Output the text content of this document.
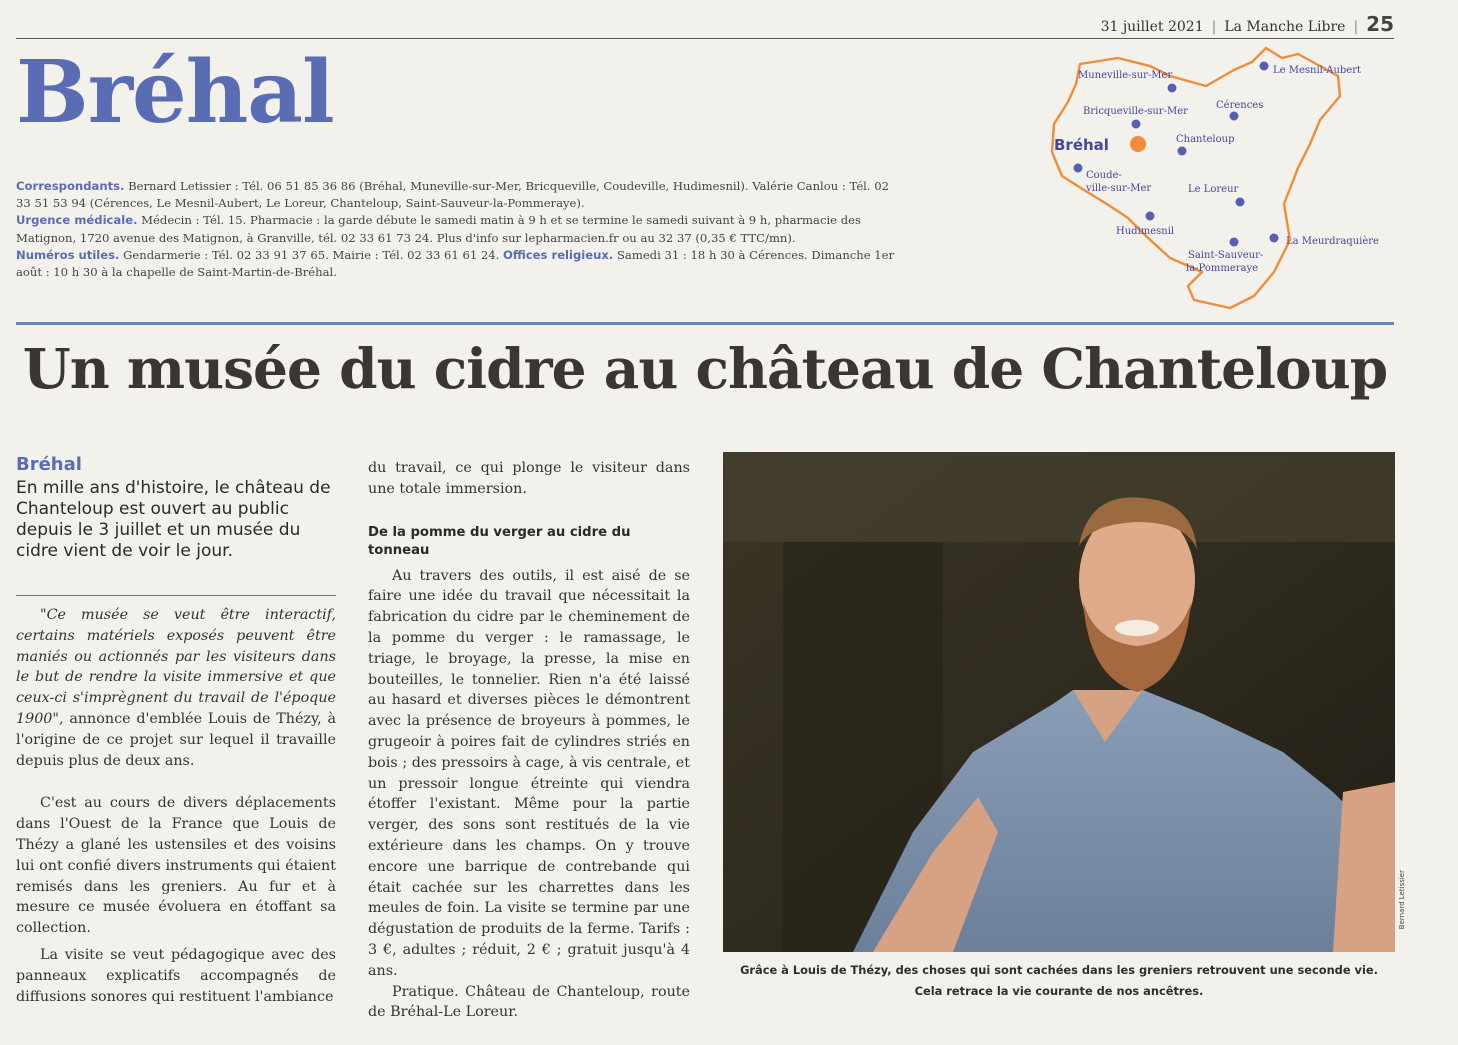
31 juillet 2021 | La Manche Libre | 25
Bréhal
Correspondants. Bernard Letissier : Tél. 06 51 85 36 86 (Bréhal, Muneville-sur-Mer, Bricqueville, Coudeville, Hudimesnil). Valérie Canlou : Tél. 02 33 51 53 94 (Cérences, Le Mesnil-Aubert, Le Loreur, Chanteloup, Saint-Sauveur-la-Pommeraye).
Urgence médicale. Médecin : Tél. 15. Pharmacie : la garde débute le samedi matin à 9 h et se termine le samedi suivant à 9 h, pharmacie des Matignon, 1720 avenue des Matignon, à Granville, tél. 02 33 61 73 24. Plus d'info sur lepharmacien.fr ou au 32 37 (0,35 € TTC/mn).
Numéros utiles. Gendarmerie : Tél. 02 33 91 37 65. Mairie : Tél. 02 33 61 61 24. Offices religieux. Samedi 31 : 18 h 30 à Cérences. Dimanche 1er août : 10 h 30 à la chapelle de Saint-Martin-de-Bréhal.
Muneville-sur-Mer	Le Mesnil-Aubert
Bricqueville-sur-Mer
Cérences
Bréhal	Chanteloup
Coude-
ville-sur-Mer	Le Loreur
Hudimesnil
La Meurdraquière
Saint-Sauveur-
la-Pommeraye
Un musée du cidre au château de Chanteloup
Bréhal
En mille ans d'histoire, le château de Chanteloup est ouvert au public depuis le 3 juillet et un musée du cidre vient de voir le jour.

"Ce musée se veut être interactif, certains matériels exposés peuvent être maniés ou actionnés par les visiteurs dans le but de rendre la visite immersive et que ceux-ci s'imprègnent du travail de l'époque 1900", annonce d'emblée Louis de Thézy, à l'origine de ce projet sur lequel il travaille depuis plus de deux ans.

C'est au cours de divers déplacements dans l'Ouest de la France que Louis de Thézy a glané les ustensiles et des voisins lui ont confié divers instruments qui étaient remisés dans les greniers. Au fur et à mesure ce musée évoluera en étoffant sa collection.

La visite se veut pédagogique avec des panneaux explicatifs accompagnés de diffusions sonores qui restituent l'ambiance

du travail, ce qui plonge le visiteur dans une totale immersion.

De la pomme du verger au cidre du tonneau

Au travers des outils, il est aisé de se faire une idée du travail que nécessitait la fabrication du cidre par le cheminement de la pomme du verger : le ramassage, le triage, le broyage, la presse, la mise en bouteilles, le tonnelier. Rien n'a été laissé au hasard et diverses pièces le démontrent avec la présence de broyeurs à pommes, le grugeoir à poires fait de cylindres striés en bois ; des pressoirs à cage, à vis centrale, et un pressoir longue étreinte qui viendra étoffer l'existant. Même pour la partie verger, des sons sont restitués de la vie extérieure dans les champs. On y trouve encore une barrique de contrebande qui était cachée sur les charrettes dans les meules de foin. La visite se termine par une dégustation de produits de la ferme. Tarifs : 3 €, adultes ; réduit, 2 € ; gratuit jusqu'à 4 ans.

Pratique. Château de Chanteloup, route de Bréhal-Le Loreur.

Bernard Letissier
Grâce à Louis de Thézy, des choses qui sont cachées dans les greniers retrouvent une seconde vie.
Cela retrace la vie courante de nos ancêtres.
